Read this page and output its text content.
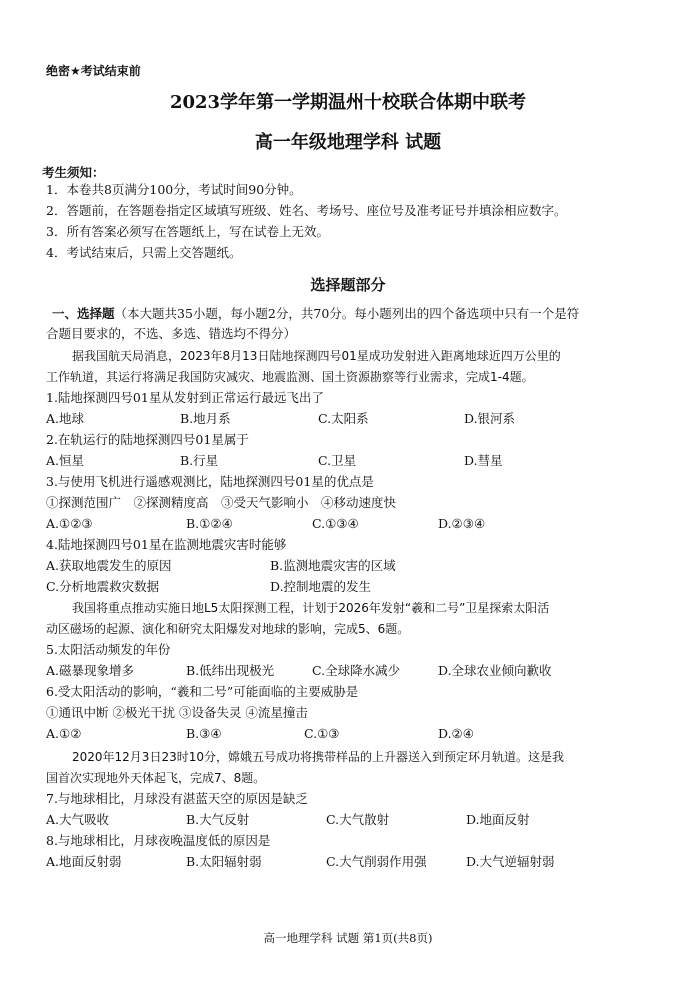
绝密★考试结束前
2023学年第一学期温州十校联合体期中联考
高一年级地理学科 试题
考生须知：
1．本卷共8页满分100分，考试时间90分钟。
2．答题前，在答题卷指定区域填写班级、姓名、考场号、座位号及准考证号并填涂相应数字。
3．所有答案必须写在答题纸上，写在试卷上无效。
4．考试结束后，只需上交答题纸。
选择题部分
一、选择题（本大题共35小题，每小题2分，共70分。每小题列出的四个备选项中只有一个是符
合题目要求的，不选、多选、错选均不得分）
据我国航天局消息，2023年8月13日陆地探测四号01星成功发射进入距离地球近四万公里的
工作轨道，其运行将满足我国防灾减灾、地震监测、国土资源勘察等行业需求，完成1-4题。
1.陆地探测四号01星从发射到正常运行最远飞出了
A.地球	B.地月系	C.太阳系	D.银河系
2.在轨运行的陆地探测四号01星属于
A.恒星	B.行星	C.卫星	D.彗星
3.与使用飞机进行遥感观测比，陆地探测四号01星的优点是
①探测范围广　②探测精度高　③受天气影响小　④移动速度快
A.①②③	B.①②④	C.①③④	D.②③④
4.陆地探测四号01星在监测地震灾害时能够
A.获取地震发生的原因	B.监测地震灾害的区域
C.分析地震救灾数据	D.控制地震的发生
我国将重点推动实施日地L5太阳探测工程，计划于2026年发射“羲和二号”卫星探索太阳活
动区磁场的起源、演化和研究太阳爆发对地球的影响，完成5、6题。
5.太阳活动频发的年份
A.磁暴现象增多	B.低纬出现极光	C.全球降水减少	D.全球农业倾向歉收
6.受太阳活动的影响，“羲和二号”可能面临的主要威胁是
①通讯中断 ②极光干扰 ③设备失灵 ④流星撞击
A.①②	B.③④	C.①③	D.②④
2020年12月3日23时10分，嫦娥五号成功将携带样品的上升器送入到预定环月轨道。这是我
国首次实现地外天体起飞，完成7、8题。
7.与地球相比，月球没有湛蓝天空的原因是缺乏
A.大气吸收	B.大气反射	C.大气散射	D.地面反射
8.与地球相比，月球夜晚温度低的原因是
A.地面反射弱	B.太阳辐射弱	C.大气削弱作用强	D.大气逆辐射弱
高一地理学科 试题 第1页(共8页)
